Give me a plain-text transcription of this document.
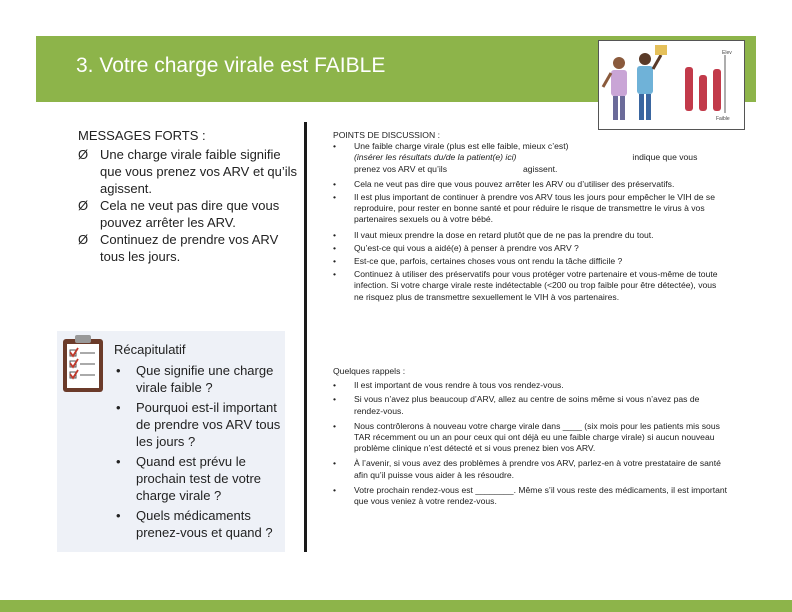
3. Votre charge virale est FAIBLE
Elev
Faible
MESSAGES FORTS :
Ø Une charge virale faible signifie que vous prenez vos ARV et qu’ils agissent.
Ø Cela ne veut pas dire que vous pouvez arrêter les ARV.
Ø Continuez de prendre vos ARV tous les jours.
Récapitulatif
• Que signifie une charge virale faible ?
• Pourquoi est-il important de prendre vos ARV tous les jours ?
• Quand est prévu le prochain test de votre charge virale ?
• Quels médicaments prenez-vous et quand ?
POINTS DE DISCUSSION :
• Une faible charge virale (plus est elle faible, mieux c’est)
(insérer les résultats du/de la patient(e) ici)	indique que vous
prenez vos ARV et qu’ils	agissent.
• Cela ne veut pas dire que vous pouvez arrêter les ARV ou d’utiliser des préservatifs.
• Il est plus important de continuer à prendre vos ARV tous les jours pour empêcher le VIH de se reproduire, pour rester en bonne santé et pour réduire le risque de transmettre le virus à vos partenaires sexuels ou à votre bébé.
• Il vaut mieux prendre la dose en retard plutôt que de ne pas la prendre du tout.
• Qu’est-ce qui vous a aidé(e) à penser à prendre vos ARV ?
• Est-ce que, parfois, certaines choses vous ont rendu la tâche difficile ?
• Continuez à utiliser des préservatifs pour vous protéger votre partenaire et vous-même de toute infection. Si votre charge virale reste indétectable (<200 ou trop faible pour être détectée), vous ne risquez plus de transmettre sexuellement le VIH à vos partenaires.
Quelques rappels :
• Il est important de vous rendre à tous vos rendez-vous.
• Si vous n’avez plus beaucoup d’ARV, allez au centre de soins même si vous n’avez pas de rendez-vous.
• Nous contrôlerons à nouveau votre charge virale dans ____ (six mois pour les patients mis sous TAR récemment ou un an pour ceux qui ont déjà eu une faible charge virale) si aucun nouveau problème clinique n’est détecté et si vous prenez bien vos ARV.
• À l’avenir, si vous avez des problèmes à prendre vos ARV, parlez-en à votre prestataire de santé afin qu’il puisse vous aider à les résoudre.
• Votre prochain rendez-vous est ________. Même s’il vous reste des médicaments, il est important que vous veniez à votre rendez-vous.
